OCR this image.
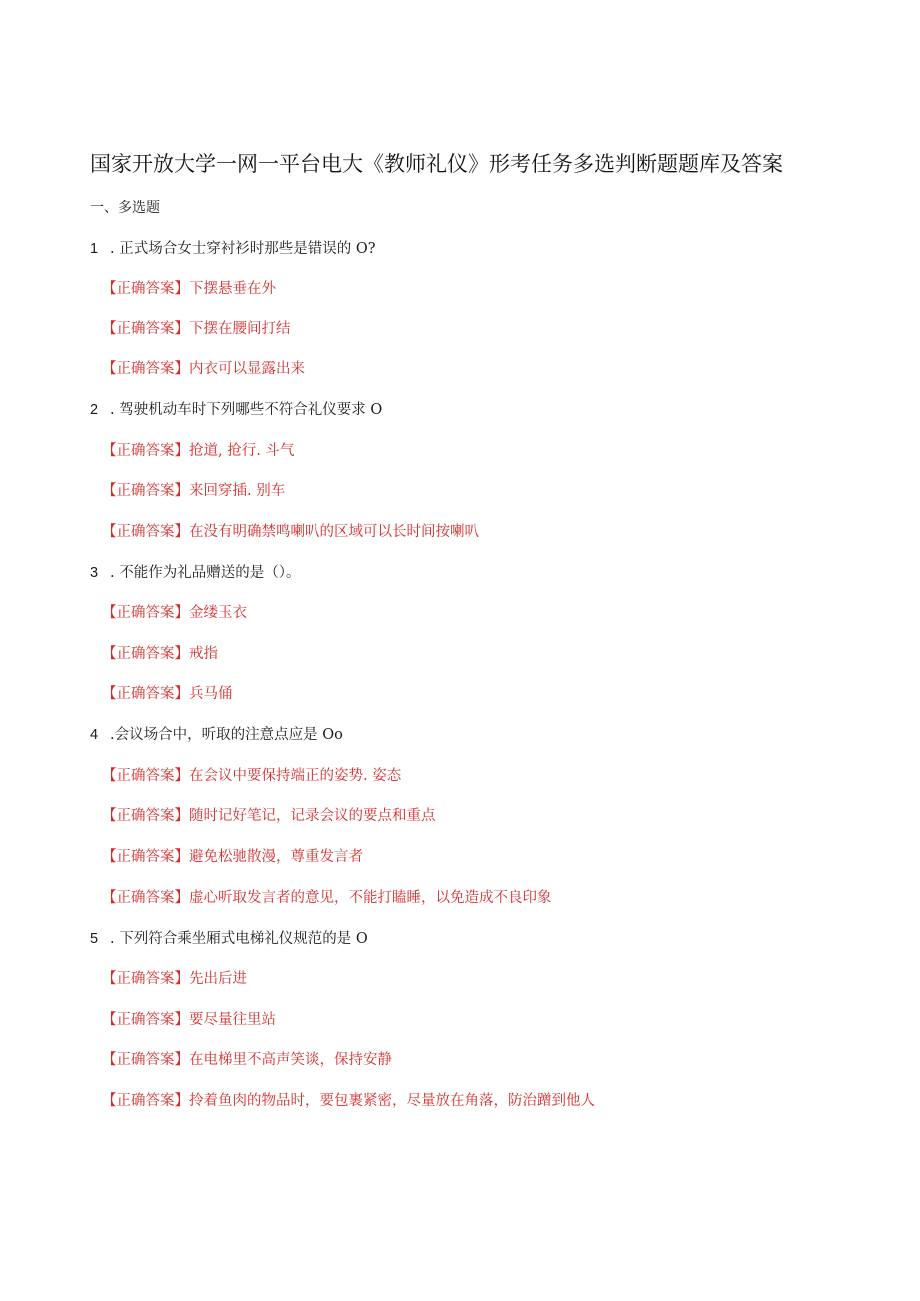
国家开放大学一网一平台电大《教师礼仪》形考任务多选判断题题库及答案
一、多选题
1 . 正式场合女士穿衬衫时那些是错误的 O?
【正确答案】下摆悬垂在外
【正确答案】下摆在腰间打结
【正确答案】内衣可以显露出来
2 . 驾驶机动车时下列哪些不符合礼仪要求 O
【正确答案】抢道, 抢行. 斗气
【正确答案】来回穿插. 别车
【正确答案】在没有明确禁鸣喇叭的区域可以长时间按喇叭
3 . 不能作为礼品赠送的是（）。
【正确答案】金缕玉衣
【正确答案】戒指
【正确答案】兵马俑
4 .会议场合中，听取的注意点应是 Oo
【正确答案】在会议中要保持端正的姿势. 姿态
【正确答案】随时记好笔记，记录会议的要点和重点
【正确答案】避免松驰散漫，尊重发言者
【正确答案】虚心听取发言者的意见，不能打瞌睡，以免造成不良印象
5 . 下列符合乘坐厢式电梯礼仪规范的是 O
【正确答案】先出后进
【正确答案】要尽量往里站
【正确答案】在电梯里不高声笑谈，保持安静
【正确答案】拎着鱼肉的物品时，要包裹紧密，尽量放在角落，防治蹭到他人
